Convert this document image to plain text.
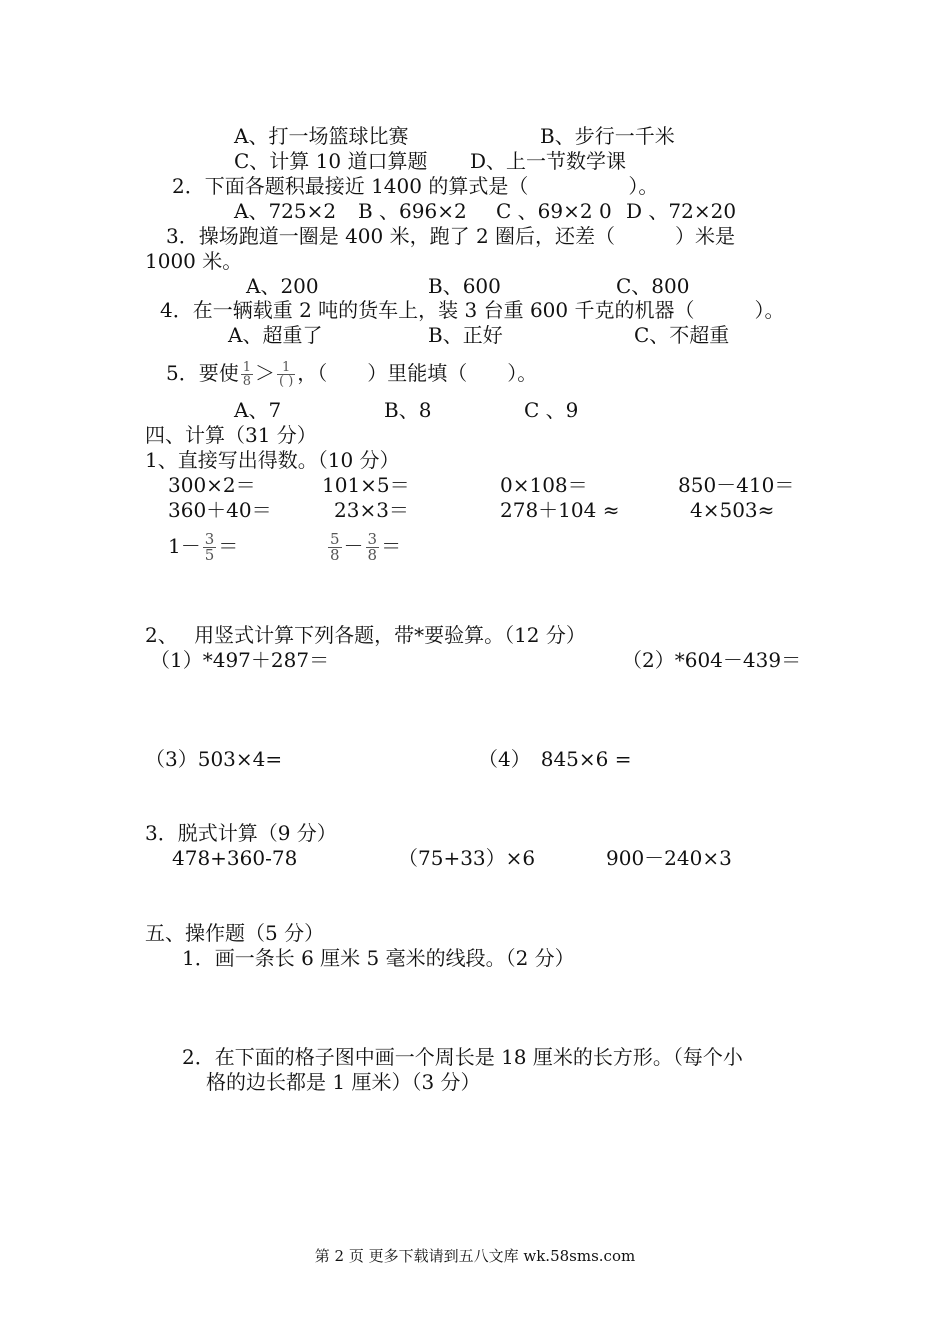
A、打一场篮球比赛	B、步行一千米
C、计算 10 道口算题 D、上一节数学课
2．下面各题积最接近 1400 的算式是（　　　　　）。
A、725×2 B 、696×2 C 、69×2 0 D 、72×20
3．操场跑道一圈是 400 米，跑了 2 圈后，还差（　　　）米是
1000 米。
A、200	B、600	C、800
4．在一辆载重 2 吨的货车上，装 3 台重 600 千克的机器（　　　）。
A、超重了	B、正好	C、不超重
5．要使 $\frac{1}{8} > \frac{1}{( )}$ ，（　　）里能填（　　）。
A、7	B、8	C 、9
四、计算（31 分）
1、直接写出得数。（10 分）
300×2＝	101×5＝	0×108＝	850－410＝
360＋40＝	23×3＝	278＋104 ≈	4×503≈
$1- \frac{3}{5}$ ＝	$\frac{5}{8} - \frac{3}{8}$ ＝
2、　 用竖式计算下列各题，带*要验算。（12 分）
（1）*497＋287＝	（2）*604－439＝
（3）503×4=	（4）　845×6 =
3．脱式计算（9 分）
478+360-78	（75+33）×6	900－240×3
五、操作题（5 分）
1．画一条长 6 厘米 5 毫米的线段。（2 分）
2．在下面的格子图中画一个周长是 18 厘米的长方形。（每个小
格的边长都是 1 厘米）（3 分）
第 2 页 更多下载请到五八文库 wk.58sms.com
